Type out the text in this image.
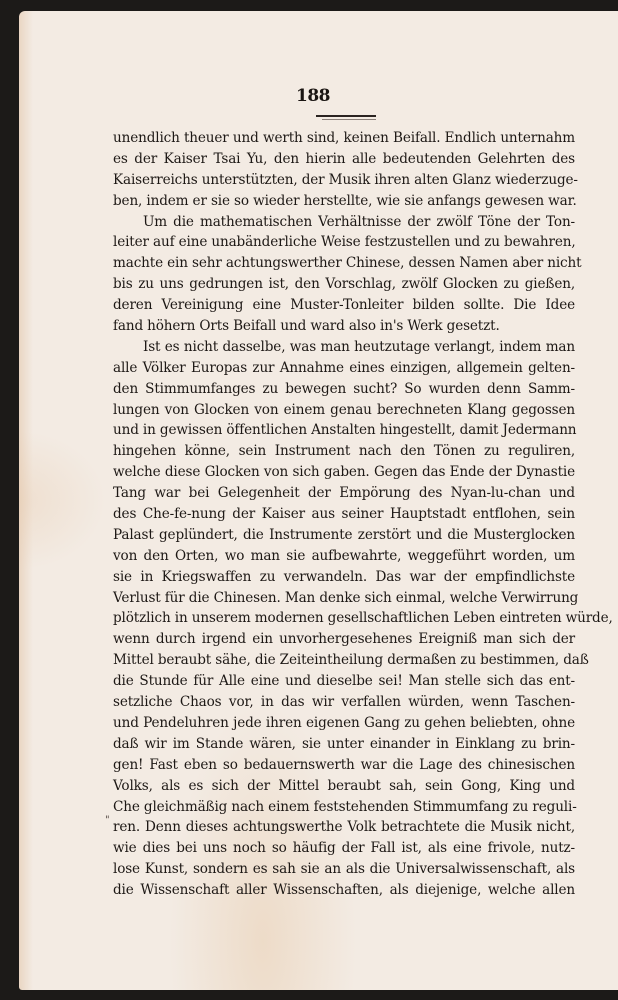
188
unendlich theuer und werth sind, keinen Beifall. Endlich unternahm
es der Kaiser Tsai Yu, den hierin alle bedeutenden Gelehrten des
Kaiserreichs unterstützten, der Musik ihren alten Glanz wiederzuge-
ben, indem er sie so wieder herstellte, wie sie anfangs gewesen war.
Um die mathematischen Verhältnisse der zwölf Töne der Ton-
leiter auf eine unabänderliche Weise festzustellen und zu bewahren,
machte ein sehr achtungswerther Chinese, dessen Namen aber nicht
bis zu uns gedrungen ist, den Vorschlag, zwölf Glocken zu gießen,
deren Vereinigung eine Muster-Tonleiter bilden sollte. Die Idee
fand höhern Orts Beifall und ward also in's Werk gesetzt.
Ist es nicht dasselbe, was man heutzutage verlangt, indem man
alle Völker Europas zur Annahme eines einzigen, allgemein gelten-
den Stimmumfanges zu bewegen sucht? So wurden denn Samm-
lungen von Glocken von einem genau berechneten Klang gegossen
und in gewissen öffentlichen Anstalten hingestellt, damit Jedermann
hingehen könne, sein Instrument nach den Tönen zu reguliren,
welche diese Glocken von sich gaben. Gegen das Ende der Dynastie
Tang war bei Gelegenheit der Empörung des Nyan-lu-chan und
des Che-fe-nung der Kaiser aus seiner Hauptstadt entflohen, sein
Palast geplündert, die Instrumente zerstört und die Musterglocken
von den Orten, wo man sie aufbewahrte, weggeführt worden, um
sie in Kriegswaffen zu verwandeln. Das war der empfindlichste
Verlust für die Chinesen. Man denke sich einmal, welche Verwirrung
plötzlich in unserem modernen gesellschaftlichen Leben eintreten würde,
wenn durch irgend ein unvorhergesehenes Ereigniß man sich der
Mittel beraubt sähe, die Zeiteintheilung dermaßen zu bestimmen, daß
die Stunde für Alle eine und dieselbe sei! Man stelle sich das ent-
setzliche Chaos vor, in das wir verfallen würden, wenn Taschen-
und Pendeluhren jede ihren eigenen Gang zu gehen beliebten, ohne
daß wir im Stande wären, sie unter einander in Einklang zu brin-
gen! Fast eben so bedauernswerth war die Lage des chinesischen
Volks, als es sich der Mittel beraubt sah, sein Gong, King und
Che gleichmäßig nach einem feststehenden Stimmumfang zu reguli-
ren. Denn dieses achtungswerthe Volk betrachtete die Musik nicht,
wie dies bei uns noch so häufig der Fall ist, als eine frivole, nutz-
lose Kunst, sondern es sah sie an als die Universalwissenschaft, als
die Wissenschaft aller Wissenschaften, als diejenige, welche allen
"
